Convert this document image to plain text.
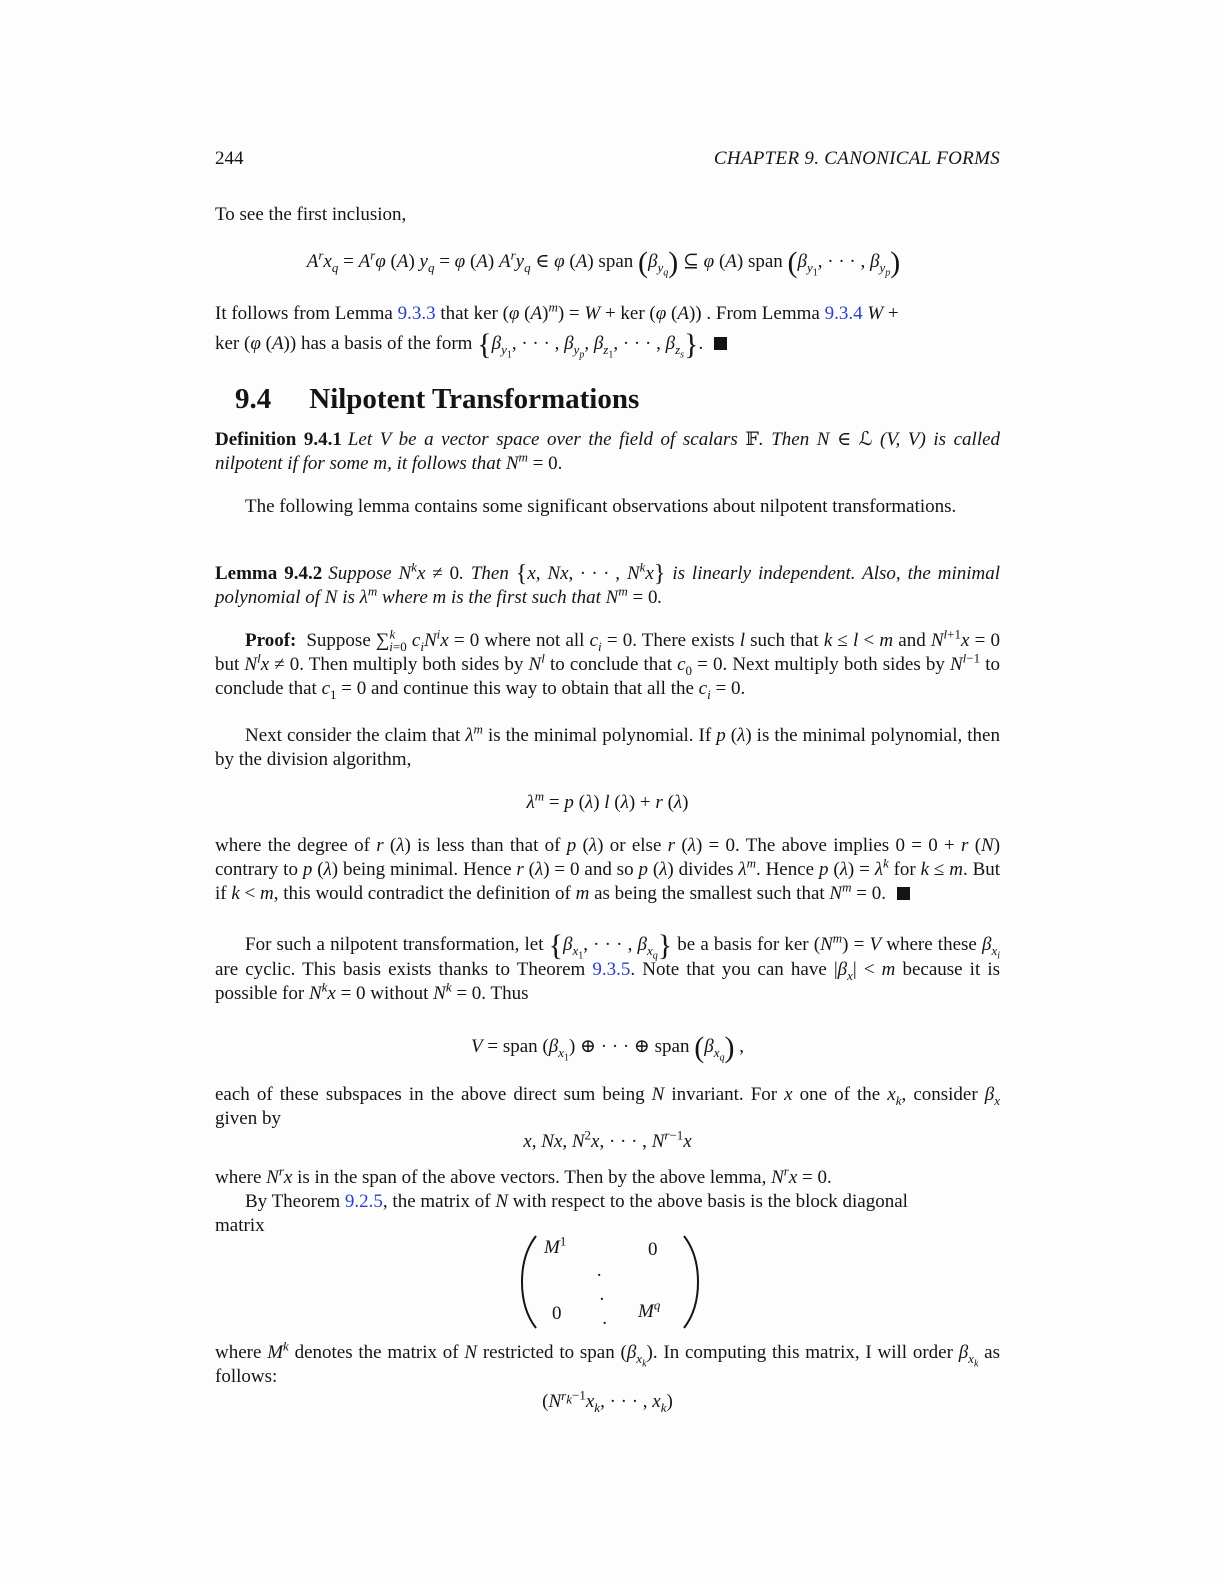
244	CHAPTER 9. CANONICAL FORMS
To see the first inclusion,
$A^rx_q = A^r\varphi$ (A) $y_q = \varphi$ (A) $A^ry_q$ ∈ φ (A) span $(\beta_{y_q})$ ⊆ φ (A) span ($\beta_{y_1}$, · · · , $\beta_{y_p}$)
It follows from Lemma 9.3.3 that ker (φ $(A)^m) = W$ + ker (φ (A)) . From Lemma 9.3.4 W +
ker (φ (A)) has a basis of the form {$\beta_{y_1}$, · · · , $\beta_{y_p}$, $\beta_{z_1}$, · · · , $\beta_{z_s}$}.
9.4 Nilpotent Transformations
Definition 9.4.1 Let V be a vector space over the field of scalars 𝔽. Then N ∈ ℒ (V, V) is called nilpotent if for some m, it follows that $N^m = 0$.
The following lemma contains some significant observations about nilpotent transformations.
Lemma 9.4.2 Suppose $N^kx \ne 0$. Then {x, Nx, · · · , $N^kx$} is linearly independent. Also, the minimal polynomial of N is $\lambda^m$ where m is the first such that $N^m = 0$.
Proof: Suppose ∑$^k_{i=0}$ $c_iN^ix = 0$ where not all $c_i = 0$. There exists l such that k ≤ l < m and $N^{l+1}x = 0$ but $N^lx \ne 0$. Then multiply both sides by $N^l$ to conclude that $c_0 = 0$. Next multiply both sides by $N^{l-1}$ to conclude that $c_1 = 0$ and continue this way to obtain that all the $c_i = 0$.
Next consider the claim that $\lambda^m$ is the minimal polynomial. If p (λ) is the minimal polynomial, then by the division algorithm,
$\lambda^m = p$ (λ) l (λ) + r (λ)
where the degree of r (λ) is less than that of p (λ) or else r (λ) = 0. The above implies 0 = 0 + r (N) contrary to p (λ) being minimal. Hence r (λ) = 0 and so p (λ) divides $\lambda^m$. Hence p $(\lambda) = \lambda^k$ for k ≤ m. But if k < m, this would contradict the definition of m as being the smallest such that $N^m = 0$.
For such a nilpotent transformation, let {$\beta_{x_1}$, · · · , $\beta_{x_q}$} be a basis for ker $(N^m) = V$ where these $\beta_{x_i}$ are cyclic. This basis exists thanks to Theorem 9.3.5. Note that you can have $|\beta_x| < m$ because it is possible for $N^kx = 0$ without $N^k = 0$. Thus
V = span $(\beta_{x_1})$ ⊕ · · · ⊕ span $(\beta_{x_q})$ ,
each of these subspaces in the above direct sum being N invariant. For x one of the $x_k$, consider $\beta_x$ given by
x, Nx, $N^2x$, · · · , $N^{r-1}x$
where $N^rx$ is in the span of the above vectors. Then by the above lemma, $N^rx = 0$.
By Theorem 9.2.5, the matrix of N with respect to the above basis is the block diagonal
matrix
$M^1$	0
·
·
·
0	$M^q$
where $M^k$ denotes the matrix of N restricted to span $(\beta_{x_k})$. In computing this matrix, I will order $\beta_{x_k}$ as follows:
($N^{r_k-1}x_k$, · · · , $x_k$)
